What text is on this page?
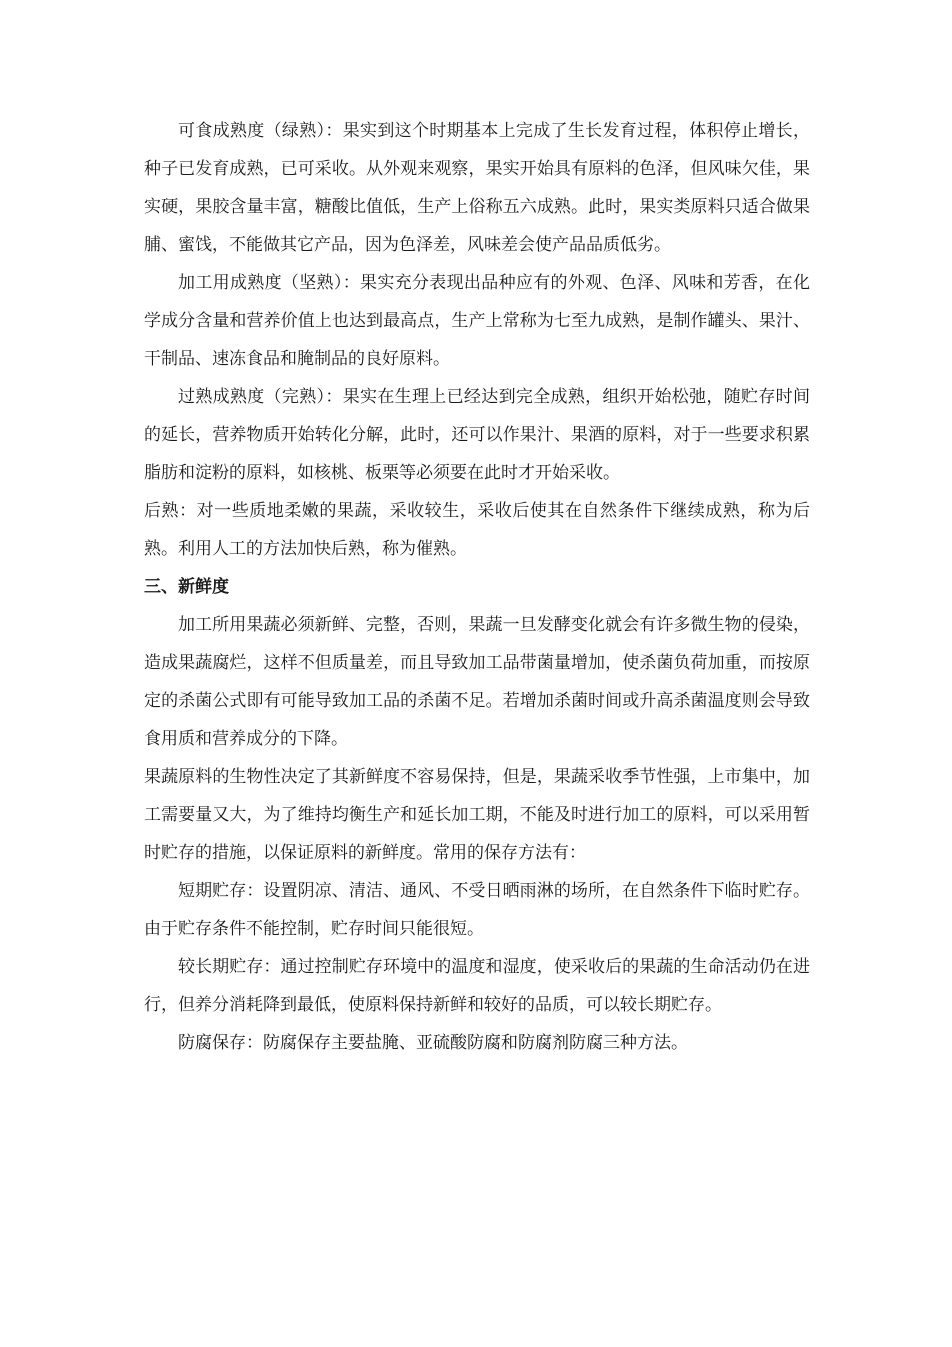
可食成熟度（绿熟）：果实到这个时期基本上完成了生长发育过程，体积停止增长，种子已发育成熟，已可采收。从外观来观察，果实开始具有原料的色泽，但风味欠佳，果实硬，果胶含量丰富，糖酸比值低，生产上俗称五六成熟。此时，果实类原料只适合做果脯、蜜饯，不能做其它产品，因为色泽差，风味差会使产品品质低劣。

加工用成熟度（坚熟）：果实充分表现出品种应有的外观、色泽、风味和芳香，在化学成分含量和营养价值上也达到最高点，生产上常称为七至九成熟，是制作罐头、果汁、干制品、速冻食品和腌制品的良好原料。

过熟成熟度（完熟）：果实在生理上已经达到完全成熟，组织开始松弛，随贮存时间的延长，营养物质开始转化分解，此时，还可以作果汁、果酒的原料，对于一些要求积累脂肪和淀粉的原料，如核桃、板栗等必须要在此时才开始采收。

后熟：对一些质地柔嫩的果蔬，采收较生，采收后使其在自然条件下继续成熟，称为后熟。利用人工的方法加快后熟，称为催熟。

三、新鲜度

加工所用果蔬必须新鲜、完整，否则，果蔬一旦发酵变化就会有许多微生物的侵染，造成果蔬腐烂，这样不但质量差，而且导致加工品带菌量增加，使杀菌负荷加重，而按原定的杀菌公式即有可能导致加工品的杀菌不足。若增加杀菌时间或升高杀菌温度则会导致食用质和营养成分的下降。

果蔬原料的生物性决定了其新鲜度不容易保持，但是，果蔬采收季节性强，上市集中，加工需要量又大，为了维持均衡生产和延长加工期，不能及时进行加工的原料，可以采用暂时贮存的措施，以保证原料的新鲜度。常用的保存方法有：

短期贮存：设置阴凉、清洁、通风、不受日晒雨淋的场所，在自然条件下临时贮存。由于贮存条件不能控制，贮存时间只能很短。

较长期贮存：通过控制贮存环境中的温度和湿度，使采收后的果蔬的生命活动仍在进行，但养分消耗降到最低，使原料保持新鲜和较好的品质，可以较长期贮存。

防腐保存：防腐保存主要盐腌、亚硫酸防腐和防腐剂防腐三种方法。
